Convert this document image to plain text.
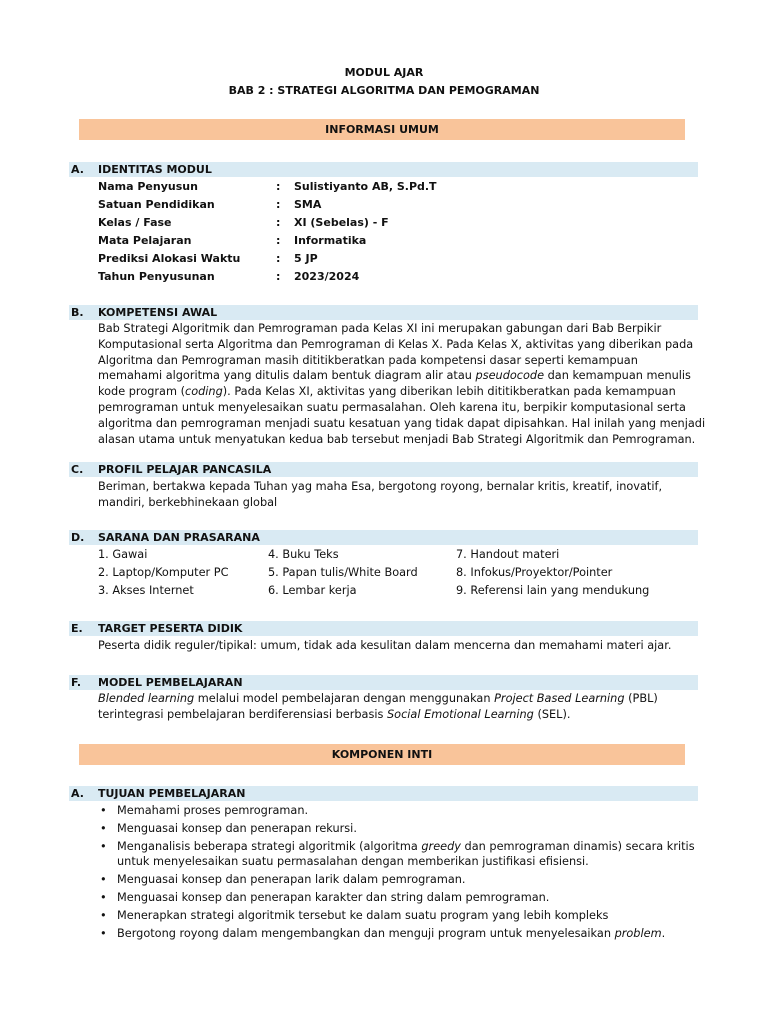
MODUL AJAR
BAB 2 : STRATEGI ALGORITMA DAN PEMOGRAMAN
INFORMASI UMUM
A. IDENTITAS MODUL
Nama Penyusun	: Sulistiyanto AB, S.Pd.T
Satuan Pendidikan	: SMA
Kelas / Fase	: XI (Sebelas) - F
Mata Pelajaran	: Informatika
Prediksi Alokasi Waktu	: 5 JP
Tahun Penyusunan	: 2023/2024
B. KOMPETENSI AWAL
Bab Strategi Algoritmik dan Pemrograman pada Kelas XI ini merupakan gabungan dari Bab Berpikir
Komputasional serta Algoritma dan Pemrograman di Kelas X. Pada Kelas X, aktivitas yang diberikan pada
Algoritma dan Pemrograman masih dititikberatkan pada kompetensi dasar seperti kemampuan
memahami algoritma yang ditulis dalam bentuk diagram alir atau pseudocode dan kemampuan menulis
kode program (coding). Pada Kelas XI, aktivitas yang diberikan lebih dititikberatkan pada kemampuan
pemrograman untuk menyelesaikan suatu permasalahan. Oleh karena itu, berpikir komputasional serta
algoritma dan pemrograman menjadi suatu kesatuan yang tidak dapat dipisahkan. Hal inilah yang menjadi
alasan utama untuk menyatukan kedua bab tersebut menjadi Bab Strategi Algoritmik dan Pemrograman.
C. PROFIL PELAJAR PANCASILA
Beriman, bertakwa kepada Tuhan yag maha Esa, bergotong royong, bernalar kritis, kreatif, inovatif,
mandiri, berkebhinekaan global
D. SARANA DAN PRASARANA
1. Gawai
2. Laptop/Komputer PC
3. Akses Internet
4. Buku Teks
5. Papan tulis/White Board
6. Lembar kerja
7. Handout materi
8. Infokus/Proyektor/Pointer
9. Referensi lain yang mendukung
E. TARGET PESERTA DIDIK
Peserta didik reguler/tipikal: umum, tidak ada kesulitan dalam mencerna dan memahami materi ajar.
F. MODEL PEMBELAJARAN
Blended learning melalui model pembelajaran dengan menggunakan Project Based Learning (PBL)
terintegrasi pembelajaran berdiferensiasi berbasis Social Emotional Learning (SEL).
KOMPONEN INTI
A. TUJUAN PEMBELAJARAN
• Memahami proses pemrograman.
• Menguasai konsep dan penerapan rekursi.
• Menganalisis beberapa strategi algoritmik (algoritma greedy dan pemrograman dinamis) secara kritis
untuk menyelesaikan suatu permasalahan dengan memberikan justifikasi efisiensi.
• Menguasai konsep dan penerapan larik dalam pemrograman.
• Menguasai konsep dan penerapan karakter dan string dalam pemrograman.
• Menerapkan strategi algoritmik tersebut ke dalam suatu program yang lebih kompleks
• Bergotong royong dalam mengembangkan dan menguji program untuk menyelesaikan problem.
